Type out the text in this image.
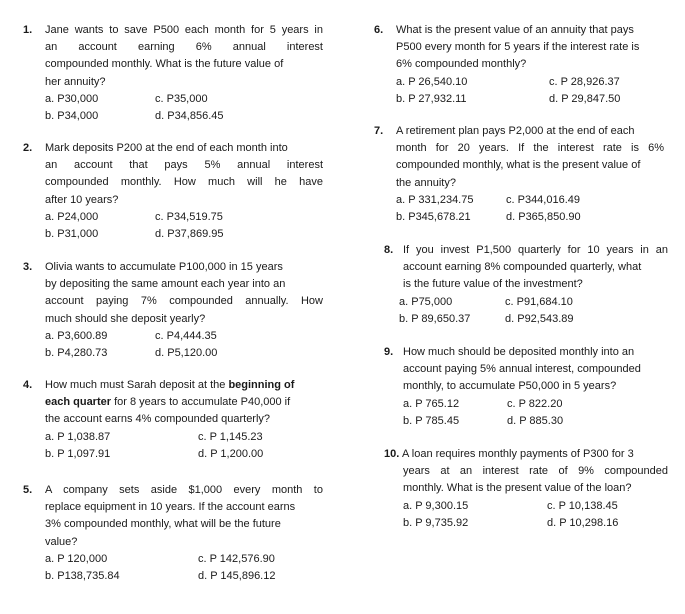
1. Jane wants to save P500 each month for 5 years in
an account earning 6% annual interest
compounded monthly. What is the future value of
her annuity?
a. P30,000	c. P35,000
b. P34,000	d. P34,856.45
2. Mark deposits P200 at the end of each month into
an account that pays 5% annual interest
compounded monthly. How much will he have
after 10 years?
a. P24,000	c. P34,519.75
b. P31,000	d. P37,869.95
3. Olivia wants to accumulate P100,000 in 15 years
by depositing the same amount each year into an
account paying 7% compounded annually. How
much should she deposit yearly?
a. P3,600.89	c. P4,444.35
b. P4,280.73	d. P5,120.00
4. How much must Sarah deposit at the beginning of
each quarter for 8 years to accumulate P40,000 if
the account earns 4% compounded quarterly?
a. P 1,038.87	c. P 1,145.23
b. P 1,097.91	d. P 1,200.00
5. A company sets aside $1,000 every month to
replace equipment in 10 years. If the account earns
3% compounded monthly, what will be the future
value?
a. P 120,000	c. P 142,576.90
b. P138,735.84	d. P 145,896.12
6. What is the present value of an annuity that pays
P500 every month for 5 years if the interest rate is
6% compounded monthly?
a. P 26,540.10	c. P 28,926.37
b. P 27,932.11	d. P 29,847.50
7. A retirement plan pays P2,000 at the end of each
month for 20 years. If the interest rate is 6%
compounded monthly, what is the present value of
the annuity?
a. P 331,234.75	c. P344,016.49
b. P345,678.21	d. P365,850.90
8. If you invest P1,500 quarterly for 10 years in an
account earning 8% compounded quarterly, what
is the future value of the investment?
a. P75,000	c. P91,684.10
b. P 89,650.37	d. P92,543.89
9. How much should be deposited monthly into an
account paying 5% annual interest, compounded
monthly, to accumulate P50,000 in 5 years?
a. P 765.12	c. P 822.20
b. P 785.45	d. P 885.30
10. A loan requires monthly payments of P300 for 3
years at an interest rate of 9% compounded
monthly. What is the present value of the loan?
a. P 9,300.15	c. P 10,138.45
b. P 9,735.92	d. P 10,298.16
